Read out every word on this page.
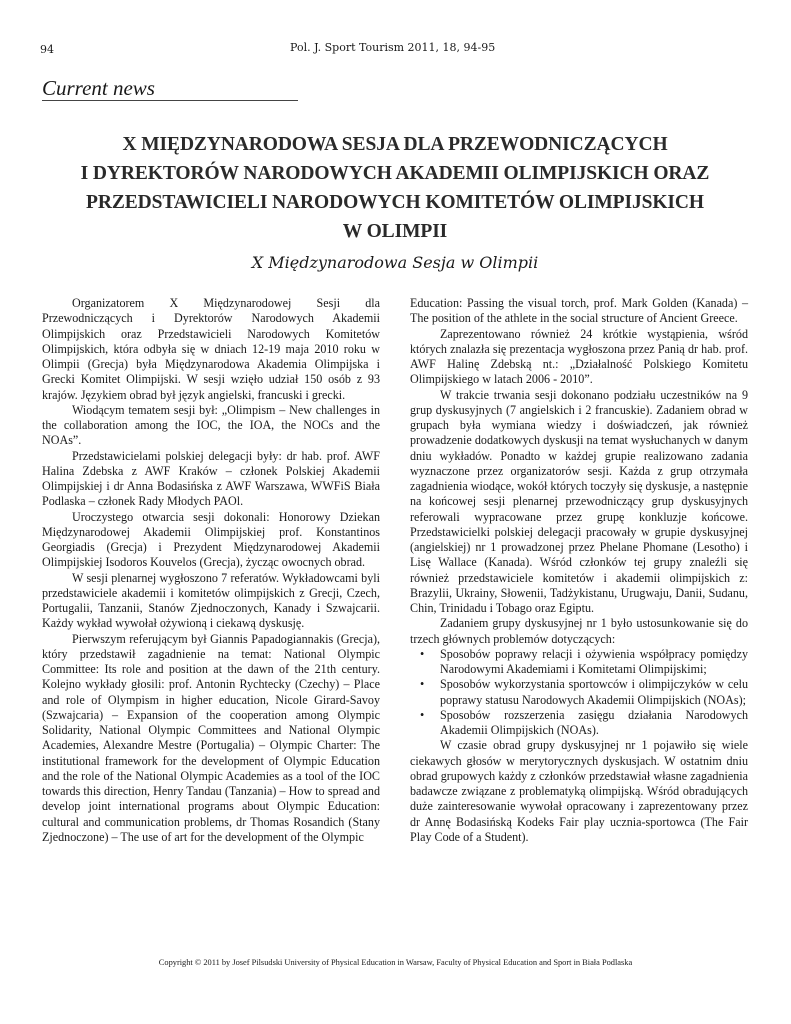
94	Pol. J. Sport Tourism 2011, 18, 94-95
Current news
X MIĘDZYNARODOWA SESJA DLA PRZEWODNICZĄCYCH
I DYREKTORÓW NARODOWYCH AKADEMII OLIMPIJSKICH ORAZ
PRZEDSTAWICIELI NARODOWYCH KOMITETÓW OLIMPIJSKICH
W OLIMPII
X Międzynarodowa Sesja w Olimpii

Organizatorem X Międzynarodowej Sesji dla Przewodniczących i Dyrektorów Narodowych Akademii Olimpijskich oraz Przedstawicieli Narodowych Komitetów Olimpijskich, która odbyła się w dniach 12-19 maja 2010 roku w Olimpii (Grecja) była Międzynarodowa Akademia Olimpijska i Grecki Komitet Olimpijski. W sesji wzięło udział 150 osób z 93 krajów. Językiem obrad był język angielski, francuski i grecki.

Wiodącym tematem sesji był: „Olimpism – New challenges in the collaboration among the IOC, the IOA, the NOCs and the NOAs”.

Przedstawicielami polskiej delegacji były: dr hab. prof. AWF Halina Zdebska z AWF Kraków – członek Polskiej Akademii Olimpijskiej i dr Anna Bodasińska z AWF Warszawa, WWFiS Biała Podlaska – członek Rady Młodych PAOl.

Uroczystego otwarcia sesji dokonali: Honorowy Dziekan Międzynarodowej Akademii Olimpijskiej prof. Konstantinos Georgiadis (Grecja) i Prezydent Międzynarodowej Akademii Olimpijskiej Isodoros Kouvelos (Grecja), życząc owocnych obrad.

W sesji plenarnej wygłoszono 7 referatów. Wykładowcami byli przedstawiciele akademii i komitetów olimpijskich z Grecji, Czech, Portugalii, Tanzanii, Stanów Zjednoczonych, Kanady i Szwajcarii. Każdy wykład wywołał ożywioną i ciekawą dyskusję.

Pierwszym referującym był Giannis Papadogiannakis (Grecja), który przedstawił zagadnienie na temat: National Olympic Committee: Its role and position at the dawn of the 21th century. Kolejno wykłady głosili: prof. Antonin Rychtecky (Czechy) – Place and role of Olympism in higher education, Nicole Girard-Savoy (Szwajcaria) – Expansion of the cooperation among Olympic Solidarity, National Olympic Committees and National Olympic Academies, Alexandre Mestre (Portugalia) – Olympic Charter: The institutional framework for the development of Olympic Education and the role of the National Olympic Academies as a tool of the IOC towards this direction, Henry Tandau (Tanzania) – How to spread and develop joint international programs about Olympic Education: cultural and communication problems, dr Thomas Rosandich (Stany Zjednoczone) – The use of art for the development of the Olympic

Education: Passing the visual torch, prof. Mark Golden (Kanada) – The position of the athlete in the social structure of Ancient Greece.

Zaprezentowano również 24 krótkie wystąpienia, wśród których znalazła się prezentacja wygłoszona przez Panią dr hab. prof. AWF Halinę Zdebską nt.: „Działalność Polskiego Komitetu Olimpijskiego w latach 2006 - 2010”.

W trakcie trwania sesji dokonano podziału uczestników na 9 grup dyskusyjnych (7 angielskich i 2 francuskie). Zadaniem obrad w grupach była wymiana wiedzy i doświadczeń, jak również prowadzenie dodatkowych dyskusji na temat wysłuchanych w danym dniu wykładów. Ponadto w każdej grupie realizowano zadania wyznaczone przez organizatorów sesji. Każda z grup otrzymała zagadnienia wiodące, wokół których toczyły się dyskusje, a następnie na końcowej sesji plenarnej przewodniczący grup dyskusyjnych referowali wypracowane przez grupę konkluzje końcowe. Przedstawicielki polskiej delegacji pracowały w grupie dyskusyjnej (angielskiej) nr 1 prowadzonej przez Phelane Phomane (Lesotho) i Lisę Wallace (Kanada). Wśród członków tej grupy znaleźli się również przedstawiciele komitetów i akademii olimpijskich z: Brazylii, Ukrainy, Słowenii, Tadżykistanu, Urugwaju, Danii, Sudanu, Chin, Trinidadu i Tobago oraz Egiptu.

Zadaniem grupy dyskusyjnej nr 1 było ustosunkowanie się do trzech głównych problemów dotyczących:

• Sposobów poprawy relacji i ożywienia współpracy pomiędzy Narodowymi Akademiami i Komitetami Olimpijskimi;
• Sposobów wykorzystania sportowców i olimpijczyków w celu poprawy statusu Narodowych Akademii Olimpijskich (NOAs);
• Sposobów rozszerzenia zasięgu działania Narodowych Akademii Olimpijskich (NOAs).

W czasie obrad grupy dyskusyjnej nr 1 pojawiło się wiele ciekawych głosów w merytorycznych dyskusjach. W ostatnim dniu obrad grupowych każdy z członków przedstawiał własne zagadnienia badawcze związane z problematyką olimpijską. Wśród obradujących duże zainteresowanie wywołał opracowany i zaprezentowany przez dr Annę Bodasińską Kodeks Fair play ucznia-sportowca (The Fair Play Code of a Student).

Copyright © 2011 by Josef Pilsudski University of Physical Education in Warsaw, Faculty of Physical Education and Sport in Biała Podlaska
